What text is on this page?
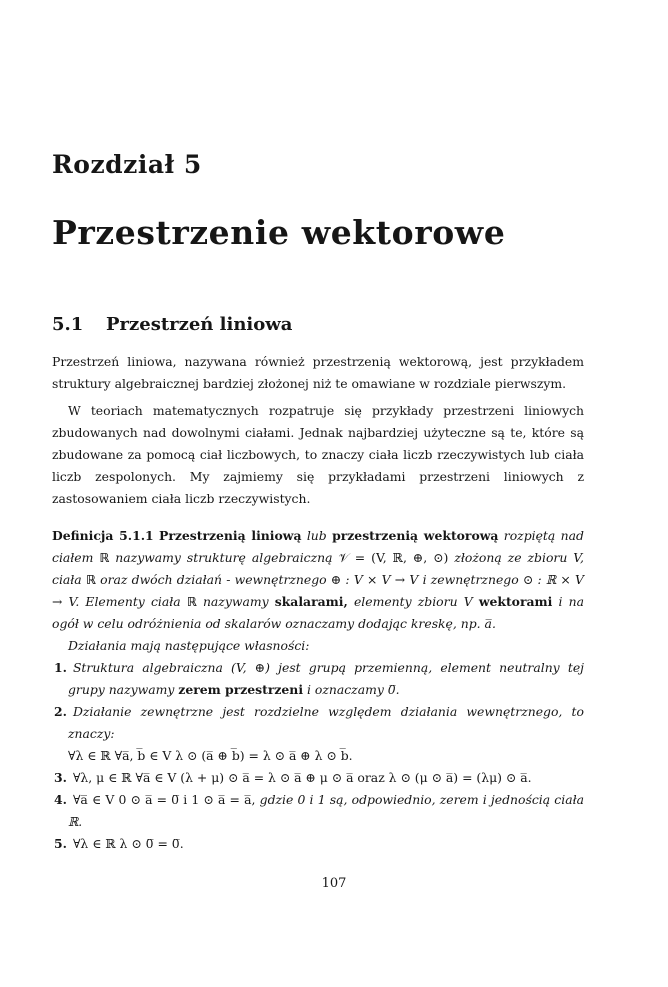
Rozdział 5
Przestrzenie wektorowe
5.1 Przestrzeń liniowa

Przestrzeń liniowa, nazywana również przestrzenią wektorową, jest przykładem struktury algebraicznej bardziej złożonej niż te omawiane w rozdziale pierwszym.

W teoriach matematycznych rozpatruje się przykłady przestrzeni liniowych zbudowanych nad dowolnymi ciałami. Jednak najbardziej użyteczne są te, które są zbudowane za pomocą ciał liczbowych, to znaczy ciała liczb rzeczywistych lub ciała liczb zespolonych. My zajmiemy się przykładami przestrzeni liniowych z zastosowaniem ciała liczb rzeczywistych.

Definicja 5.1.1 Przestrzenią liniową lub przestrzenią wektorową rozpiętą nad ciałem ℝ nazywamy strukturę algebraiczną 𝒱 = (V, ℝ, ⊕, ⊙) złożoną ze zbioru V, ciała ℝ oraz dwóch działań - wewnętrznego ⊕ : V × V → V i zewnętrznego ⊙ : ℝ × V → V. Elementy ciała ℝ nazywamy skalarami, elementy zbioru V wektorami i na ogół w celu odróżnienia od skalarów oznaczamy dodając kreskę, np. a̅.
Działania mają następujące własności:
1. Struktura algebraiczna (V, ⊕) jest grupą przemienną, element neutralny tej grupy nazywamy zerem przestrzeni i oznaczamy 0̅.
2. Działanie zewnętrzne jest rozdzielne względem działania wewnętrznego, to znaczy:
∀λ ∈ ℝ ∀a̅, b̅ ∈ V λ ⊙ (a̅ ⊕ b̅) = λ ⊙ a̅ ⊕ λ ⊙ b̅.
3. ∀λ, μ ∈ ℝ ∀a̅ ∈ V (λ + μ) ⊙ a̅ = λ ⊙ a̅ ⊕ μ ⊙ a̅ oraz λ ⊙ (μ ⊙ a̅) = (λμ) ⊙ a̅.
4. ∀a̅ ∈ V 0 ⊙ a̅ = 0̅ i 1 ⊙ a̅ = a̅, gdzie 0 i 1 są, odpowiednio, zerem i jednością ciała ℝ.
5. ∀λ ∈ ℝ λ ⊙ 0̅ = 0̅.
107
